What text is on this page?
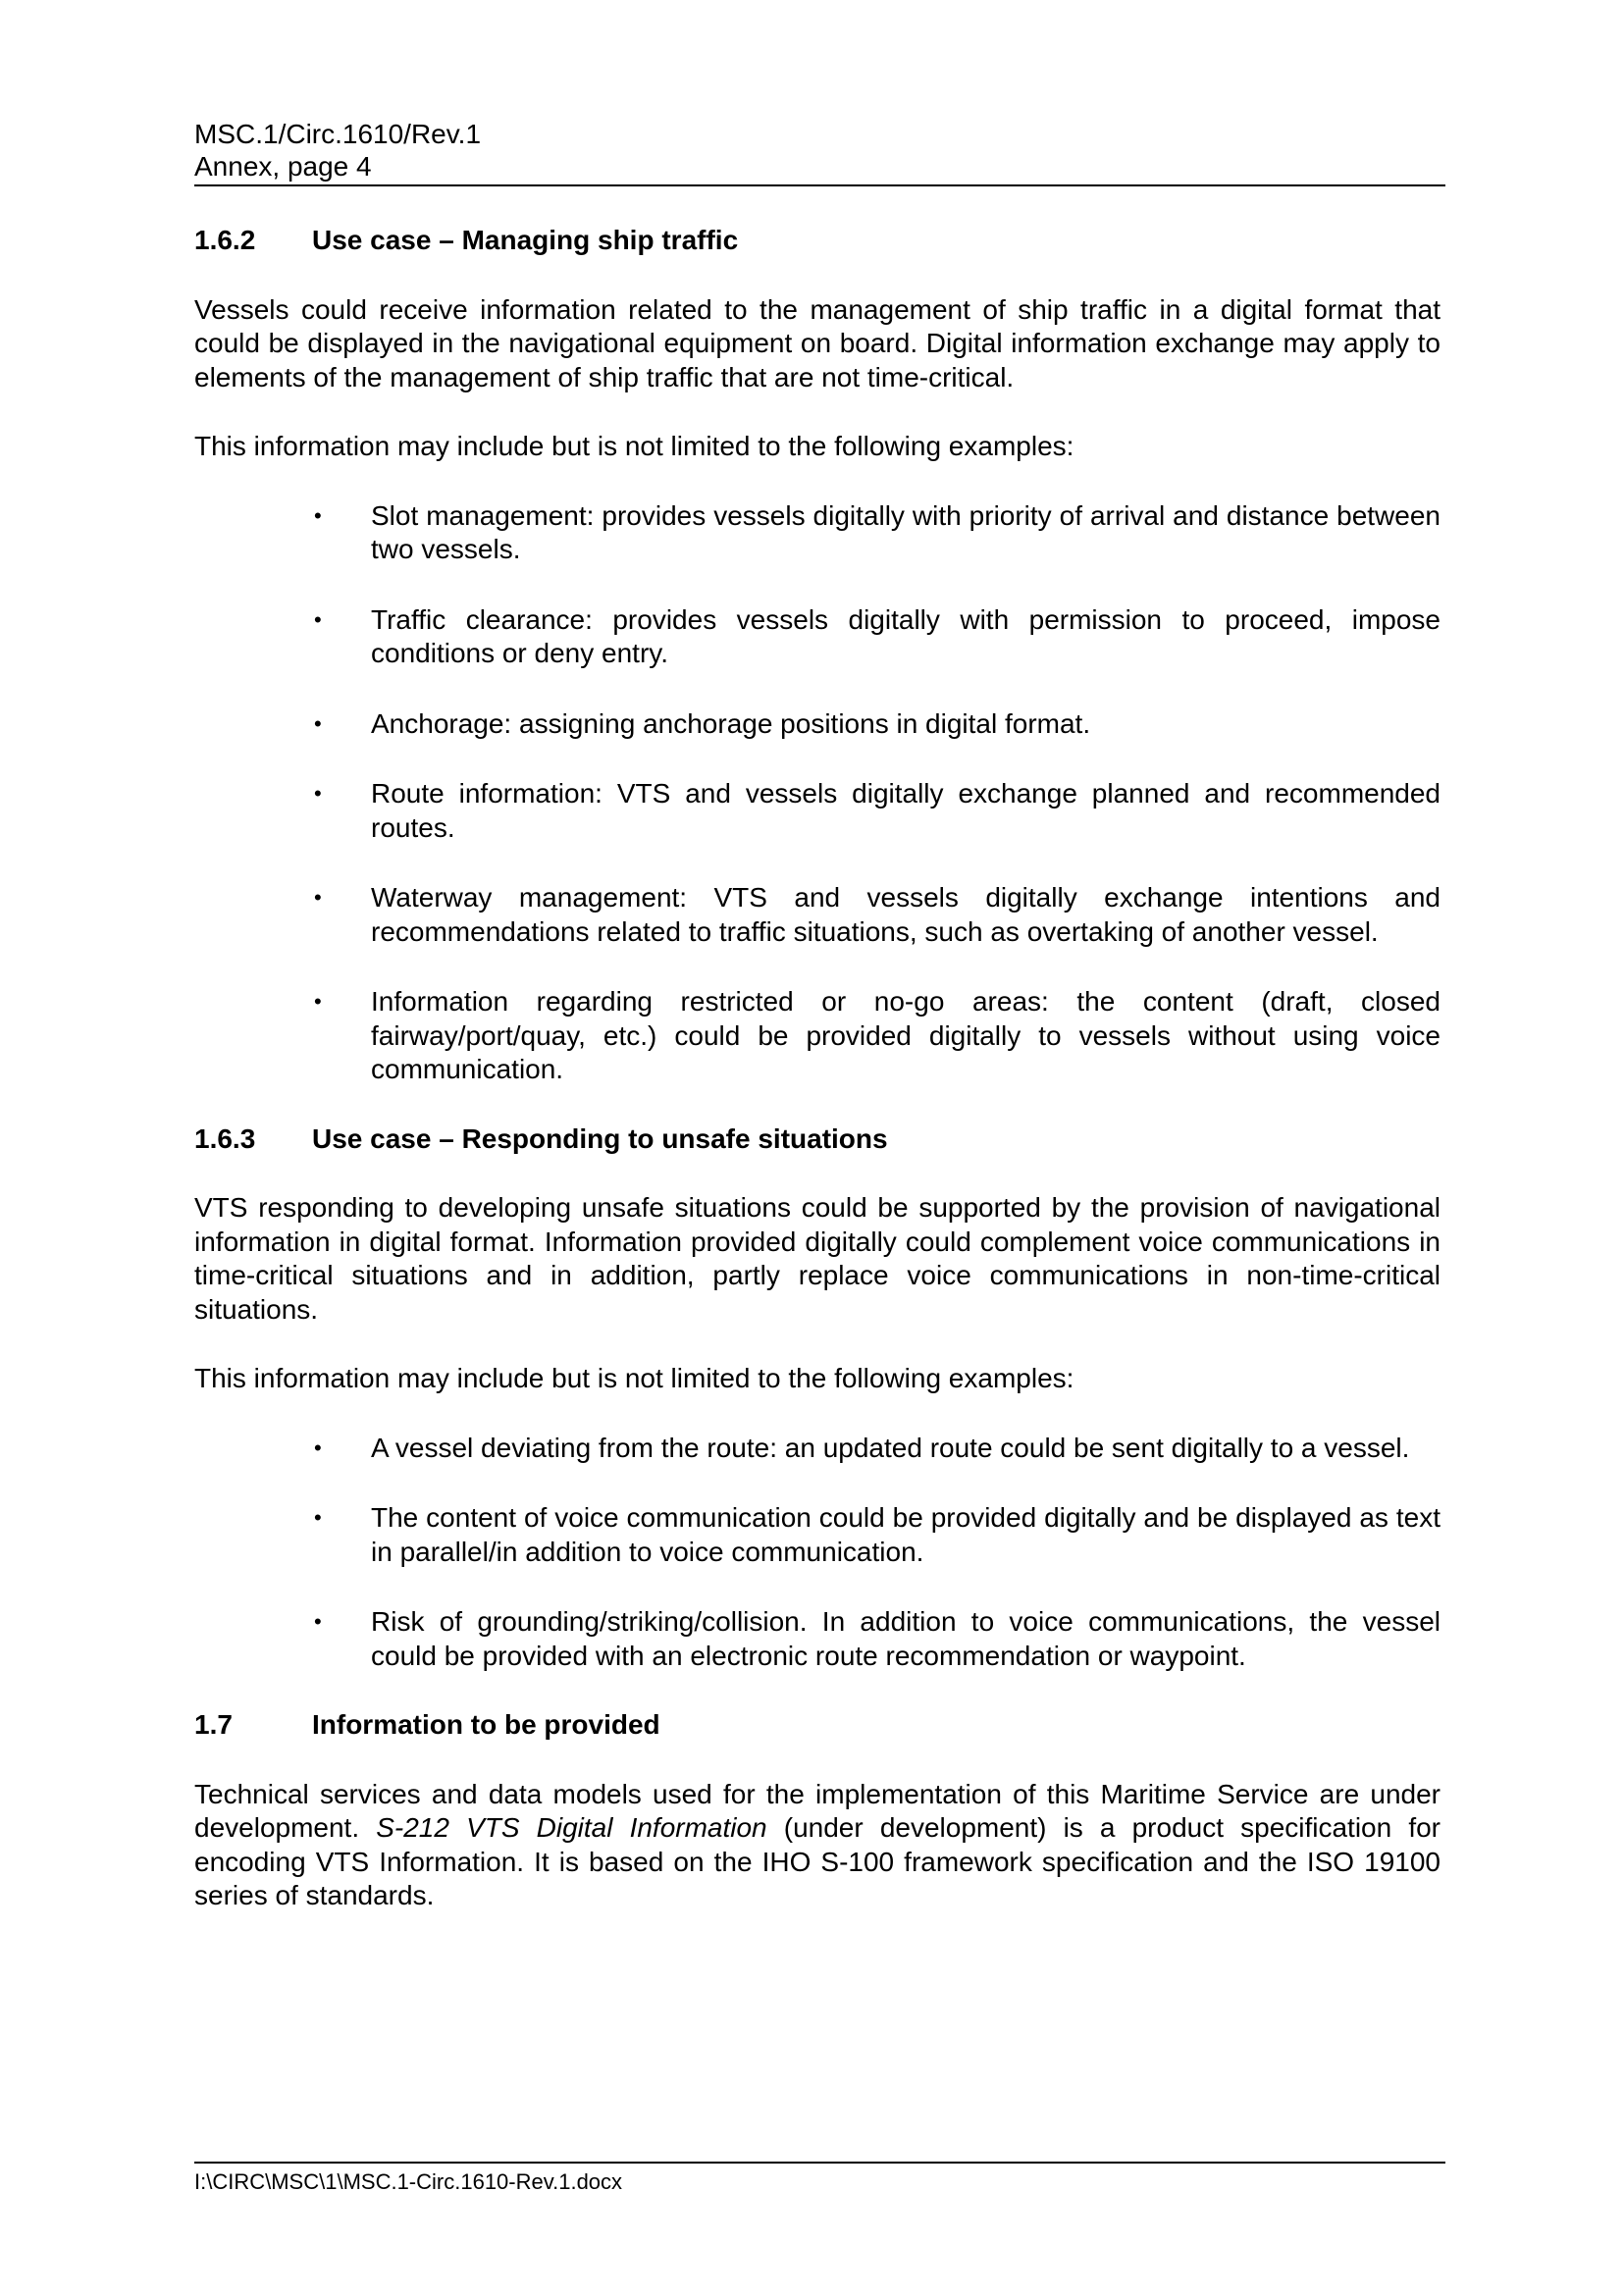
MSC.1/Circ.1610/Rev.1
Annex, page 4
1.6.2	Use case – Managing ship traffic

Vessels could receive information related to the management of ship traffic in a digital format that could be displayed in the navigational equipment on board. Digital information exchange may apply to elements of the management of ship traffic that are not time-critical.

This information may include but is not limited to the following examples:

• Slot management: provides vessels digitally with priority of arrival and distance between two vessels.
• Traffic clearance: provides vessels digitally with permission to proceed, impose conditions or deny entry.
• Anchorage: assigning anchorage positions in digital format.
• Route information: VTS and vessels digitally exchange planned and recommended routes.
• Waterway management: VTS and vessels digitally exchange intentions and recommendations related to traffic situations, such as overtaking of another vessel.
• Information regarding restricted or no-go areas: the content (draft, closed fairway/port/quay, etc.) could be provided digitally to vessels without using voice communication.
1.6.3	Use case – Responding to unsafe situations

VTS responding to developing unsafe situations could be supported by the provision of navigational information in digital format. Information provided digitally could complement voice communications in time-critical situations and in addition, partly replace voice communications in non-time-critical situations.

This information may include but is not limited to the following examples:

• A vessel deviating from the route: an updated route could be sent digitally to a vessel.
• The content of voice communication could be provided digitally and be displayed as text in parallel/in addition to voice communication.
• Risk of grounding/striking/collision. In addition to voice communications, the vessel could be provided with an electronic route recommendation or waypoint.
1.7	Information to be provided

Technical services and data models used for the implementation of this Maritime Service are under development. S-212 VTS Digital Information (under development) is a product specification for encoding VTS Information. It is based on the IHO S-100 framework specification and the ISO 19100 series of standards.

I:\CIRC\MSC\1\MSC.1-Circ.1610-Rev.1.docx
